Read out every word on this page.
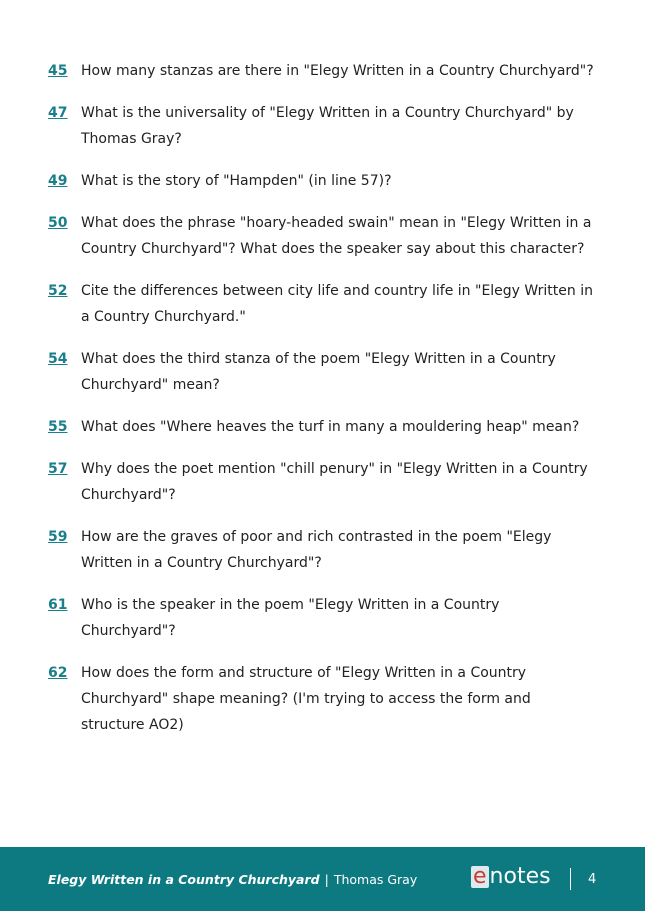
45 How many stanzas are there in "Elegy Written in a Country Churchyard"?
47 What is the universality of "Elegy Written in a Country Churchyard" by Thomas Gray?
49 What is the story of "Hampden" (in line 57)?
50 What does the phrase "hoary-headed swain" mean in "Elegy Written in a Country Churchyard"? What does the speaker say about this character?
52 Cite the differences between city life and country life in "Elegy Written in a Country Churchyard."
54 What does the third stanza of the poem "Elegy Written in a Country Churchyard" mean?
55 What does "Where heaves the turf in many a mouldering heap" mean?
57 Why does the poet mention "chill penury" in "Elegy Written in a Country Churchyard"?
59 How are the graves of poor and rich contrasted in the poem "Elegy Written in a Country Churchyard"?
61 Who is the speaker in the poem "Elegy Written in a Country Churchyard"?
62 How does the form and structure of "Elegy Written in a Country Churchyard" shape meaning? (I'm trying to access the form and structure AO2)
Elegy Written in a Country Churchyard | Thomas Gray	e notes	4
